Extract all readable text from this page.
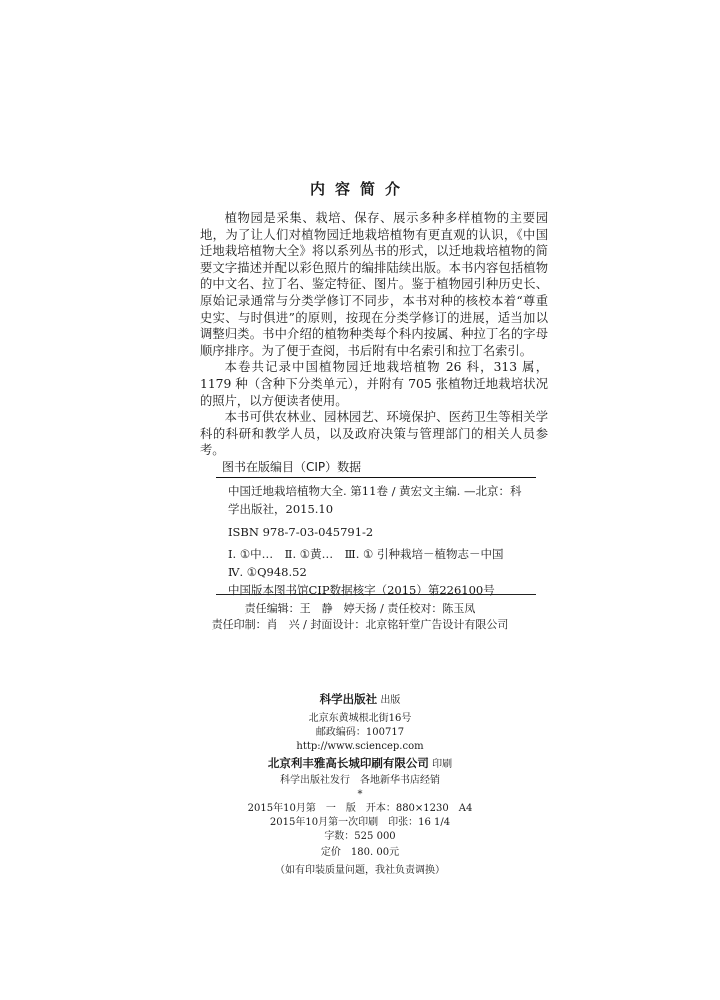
内容简介

植物园是采集、栽培、保存、展示多种多样植物的主要园地，为了让人们对植物园迁地栽培植物有更直观的认识，《中国迁地栽培植物大全》将以系列丛书的形式，以迁地栽培植物的简要文字描述并配以彩色照片的编排陆续出版。本书内容包括植物的中文名、拉丁名、鉴定特征、图片。鉴于植物园引种历史长、原始记录通常与分类学修订不同步，本书对种的核校本着“尊重史实、与时俱进”的原则，按现在分类学修订的进展，适当加以调整归类。书中介绍的植物种类每个科内按属、种拉丁名的字母顺序排序。为了便于查阅，书后附有中名索引和拉丁名索引。

本卷共记录中国植物园迁地栽培植物 26 科，313 属，1179 种（含种下分类单元），并附有 705 张植物迁地栽培状况的照片，以方便读者使用。

本书可供农林业、园林园艺、环境保护、医药卫生等相关学科的科研和教学人员，以及政府决策与管理部门的相关人员参考。

图书在版编目（CIP）数据
中国迁地栽培植物大全. 第11卷 / 黄宏文主编. —北京：科学出版社，2015.10
ISBN 978-7-03-045791-2
Ⅰ. ①中…　Ⅱ. ①黄…　Ⅲ. ① 引种栽培－植物志－中国
Ⅳ. ①Q948.52
中国版本图书馆CIP数据核字（2015）第226100号
责任编辑：王　静　婷天扬 / 责任校对：陈玉凤
责任印制：肖　兴 / 封面设计：北京铭轩堂广告设计有限公司
科学出版社 出版
北京东黄城根北街16号
邮政编码：100717
http://www.sciencep.com
北京利丰雅高长城印刷有限公司 印刷
科学出版社发行　各地新华书店经销
*
2015年10月第　一　版　开本：880×1230　A4
2015年10月第一次印刷　印张：16 1/4
字数：525 000
定价　180. 00元
（如有印装质量问题，我社负责调换）
